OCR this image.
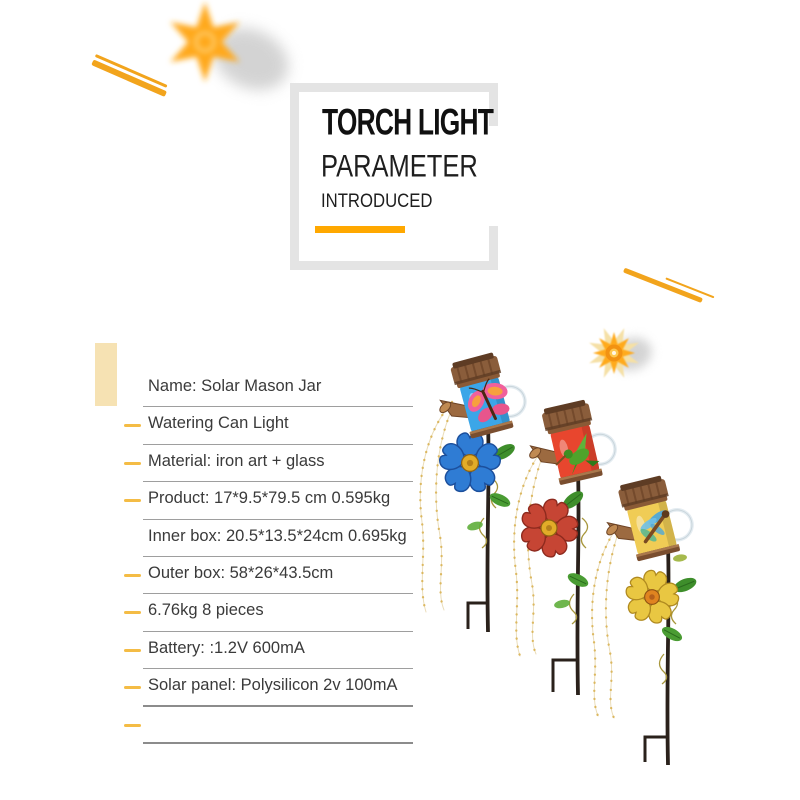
TORCH LIGHT
PARAMETER
INTRODUCED
Name: Solar Mason Jar
Watering Can Light
Material: iron art + glass
Product: 17*9.5*79.5 cm 0.595kg
Inner box: 20.5*13.5*24cm 0.695kg
Outer box: 58*26*43.5cm
6.76kg 8 pieces
Battery: :1.2V 600mA
Solar panel: Polysilicon 2v 100mA
